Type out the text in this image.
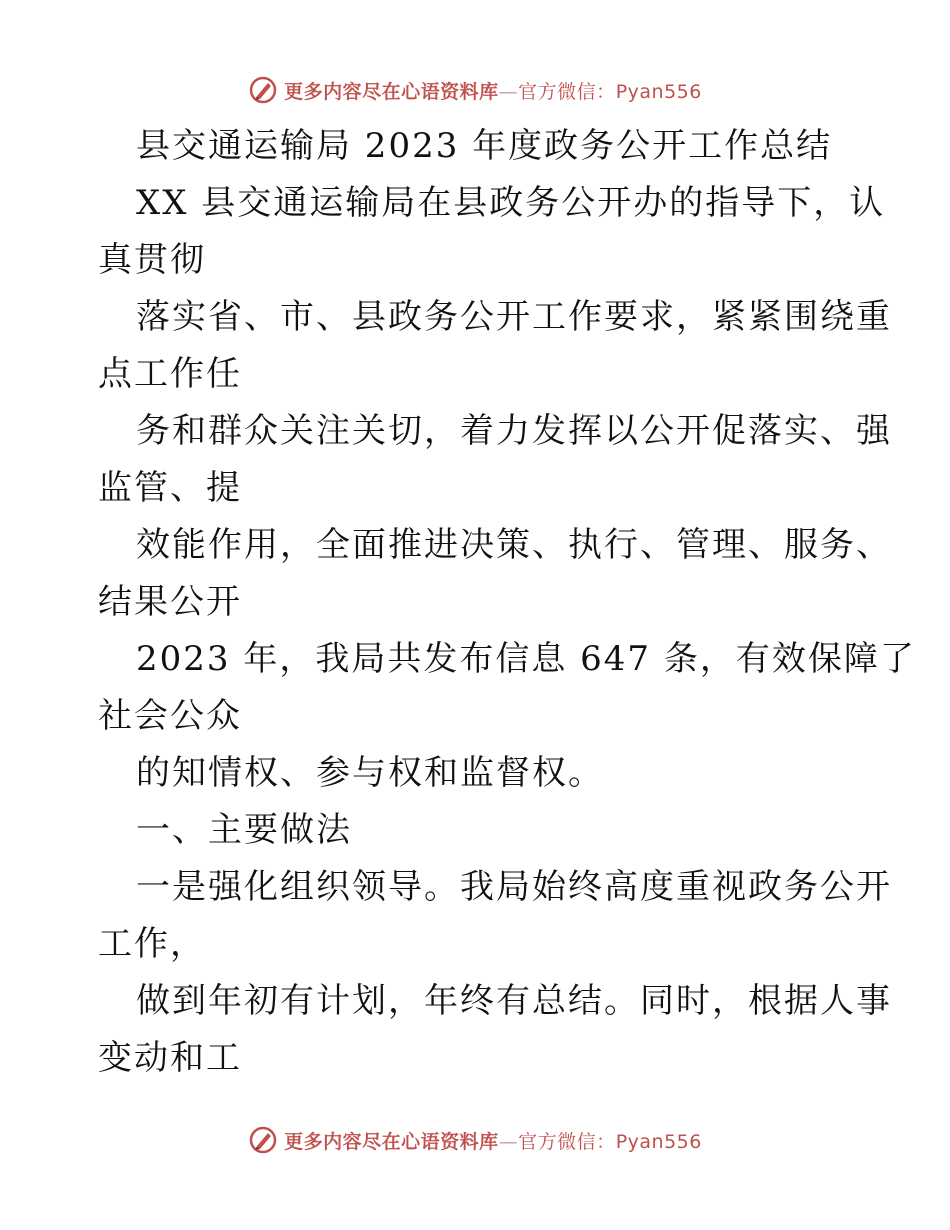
更多内容尽在心语资料库—官方微信：Pyan556
县交通运输局 2023 年度政务公开工作总结
XX 县交通运输局在县政务公开办的指导下，认
真贯彻
落实省、市、县政务公开工作要求，紧紧围绕重
点工作任
务和群众关注关切，着力发挥以公开促落实、强
监管、提
效能作用，全面推进决策、执行、管理、服务、
结果公开
2023 年，我局共发布信息 647 条，有效保障了
社会公众
的知情权、参与权和监督权。
一、主要做法
一是强化组织领导。我局始终高度重视政务公开
工作，
做到年初有计划，年终有总结。同时，根据人事
变动和工
更多内容尽在心语资料库—官方微信：Pyan556
